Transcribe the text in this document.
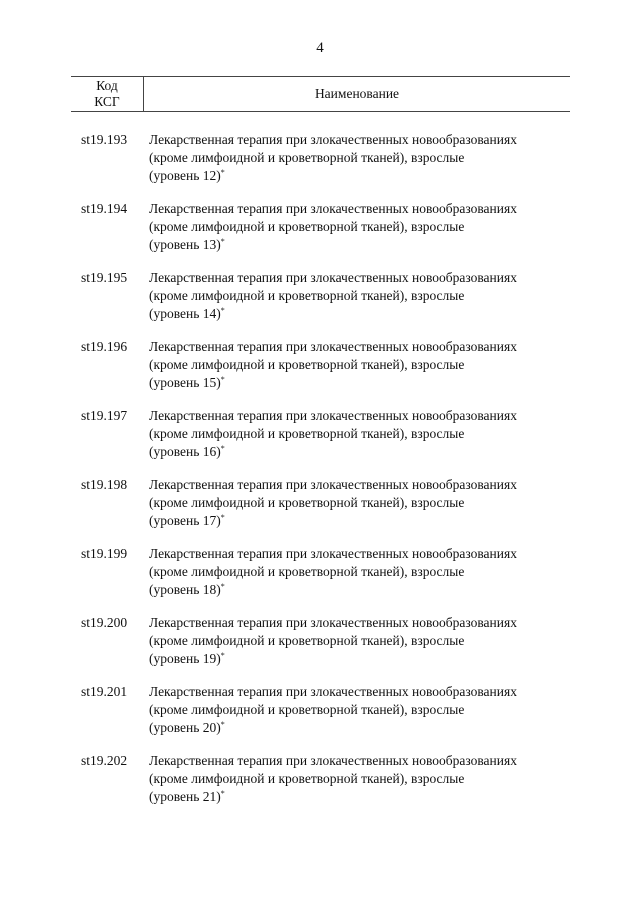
4
Код
КСГ
Наименование
st19.193 Лекарственная терапия при злокачественных новообразованиях
(кроме лимфоидной и кроветворной тканей), взрослые
(уровень 12)*
st19.194 Лекарственная терапия при злокачественных новообразованиях
(кроме лимфоидной и кроветворной тканей), взрослые
(уровень 13)*
st19.195 Лекарственная терапия при злокачественных новообразованиях
(кроме лимфоидной и кроветворной тканей), взрослые
(уровень 14)*
st19.196 Лекарственная терапия при злокачественных новообразованиях
(кроме лимфоидной и кроветворной тканей), взрослые
(уровень 15)*
st19.197 Лекарственная терапия при злокачественных новообразованиях
(кроме лимфоидной и кроветворной тканей), взрослые
(уровень 16)*
st19.198 Лекарственная терапия при злокачественных новообразованиях
(кроме лимфоидной и кроветворной тканей), взрослые
(уровень 17)*
st19.199 Лекарственная терапия при злокачественных новообразованиях
(кроме лимфоидной и кроветворной тканей), взрослые
(уровень 18)*
st19.200 Лекарственная терапия при злокачественных новообразованиях
(кроме лимфоидной и кроветворной тканей), взрослые
(уровень 19)*
st19.201 Лекарственная терапия при злокачественных новообразованиях
(кроме лимфоидной и кроветворной тканей), взрослые
(уровень 20)*
st19.202 Лекарственная терапия при злокачественных новообразованиях
(кроме лимфоидной и кроветворной тканей), взрослые
(уровень 21)*
